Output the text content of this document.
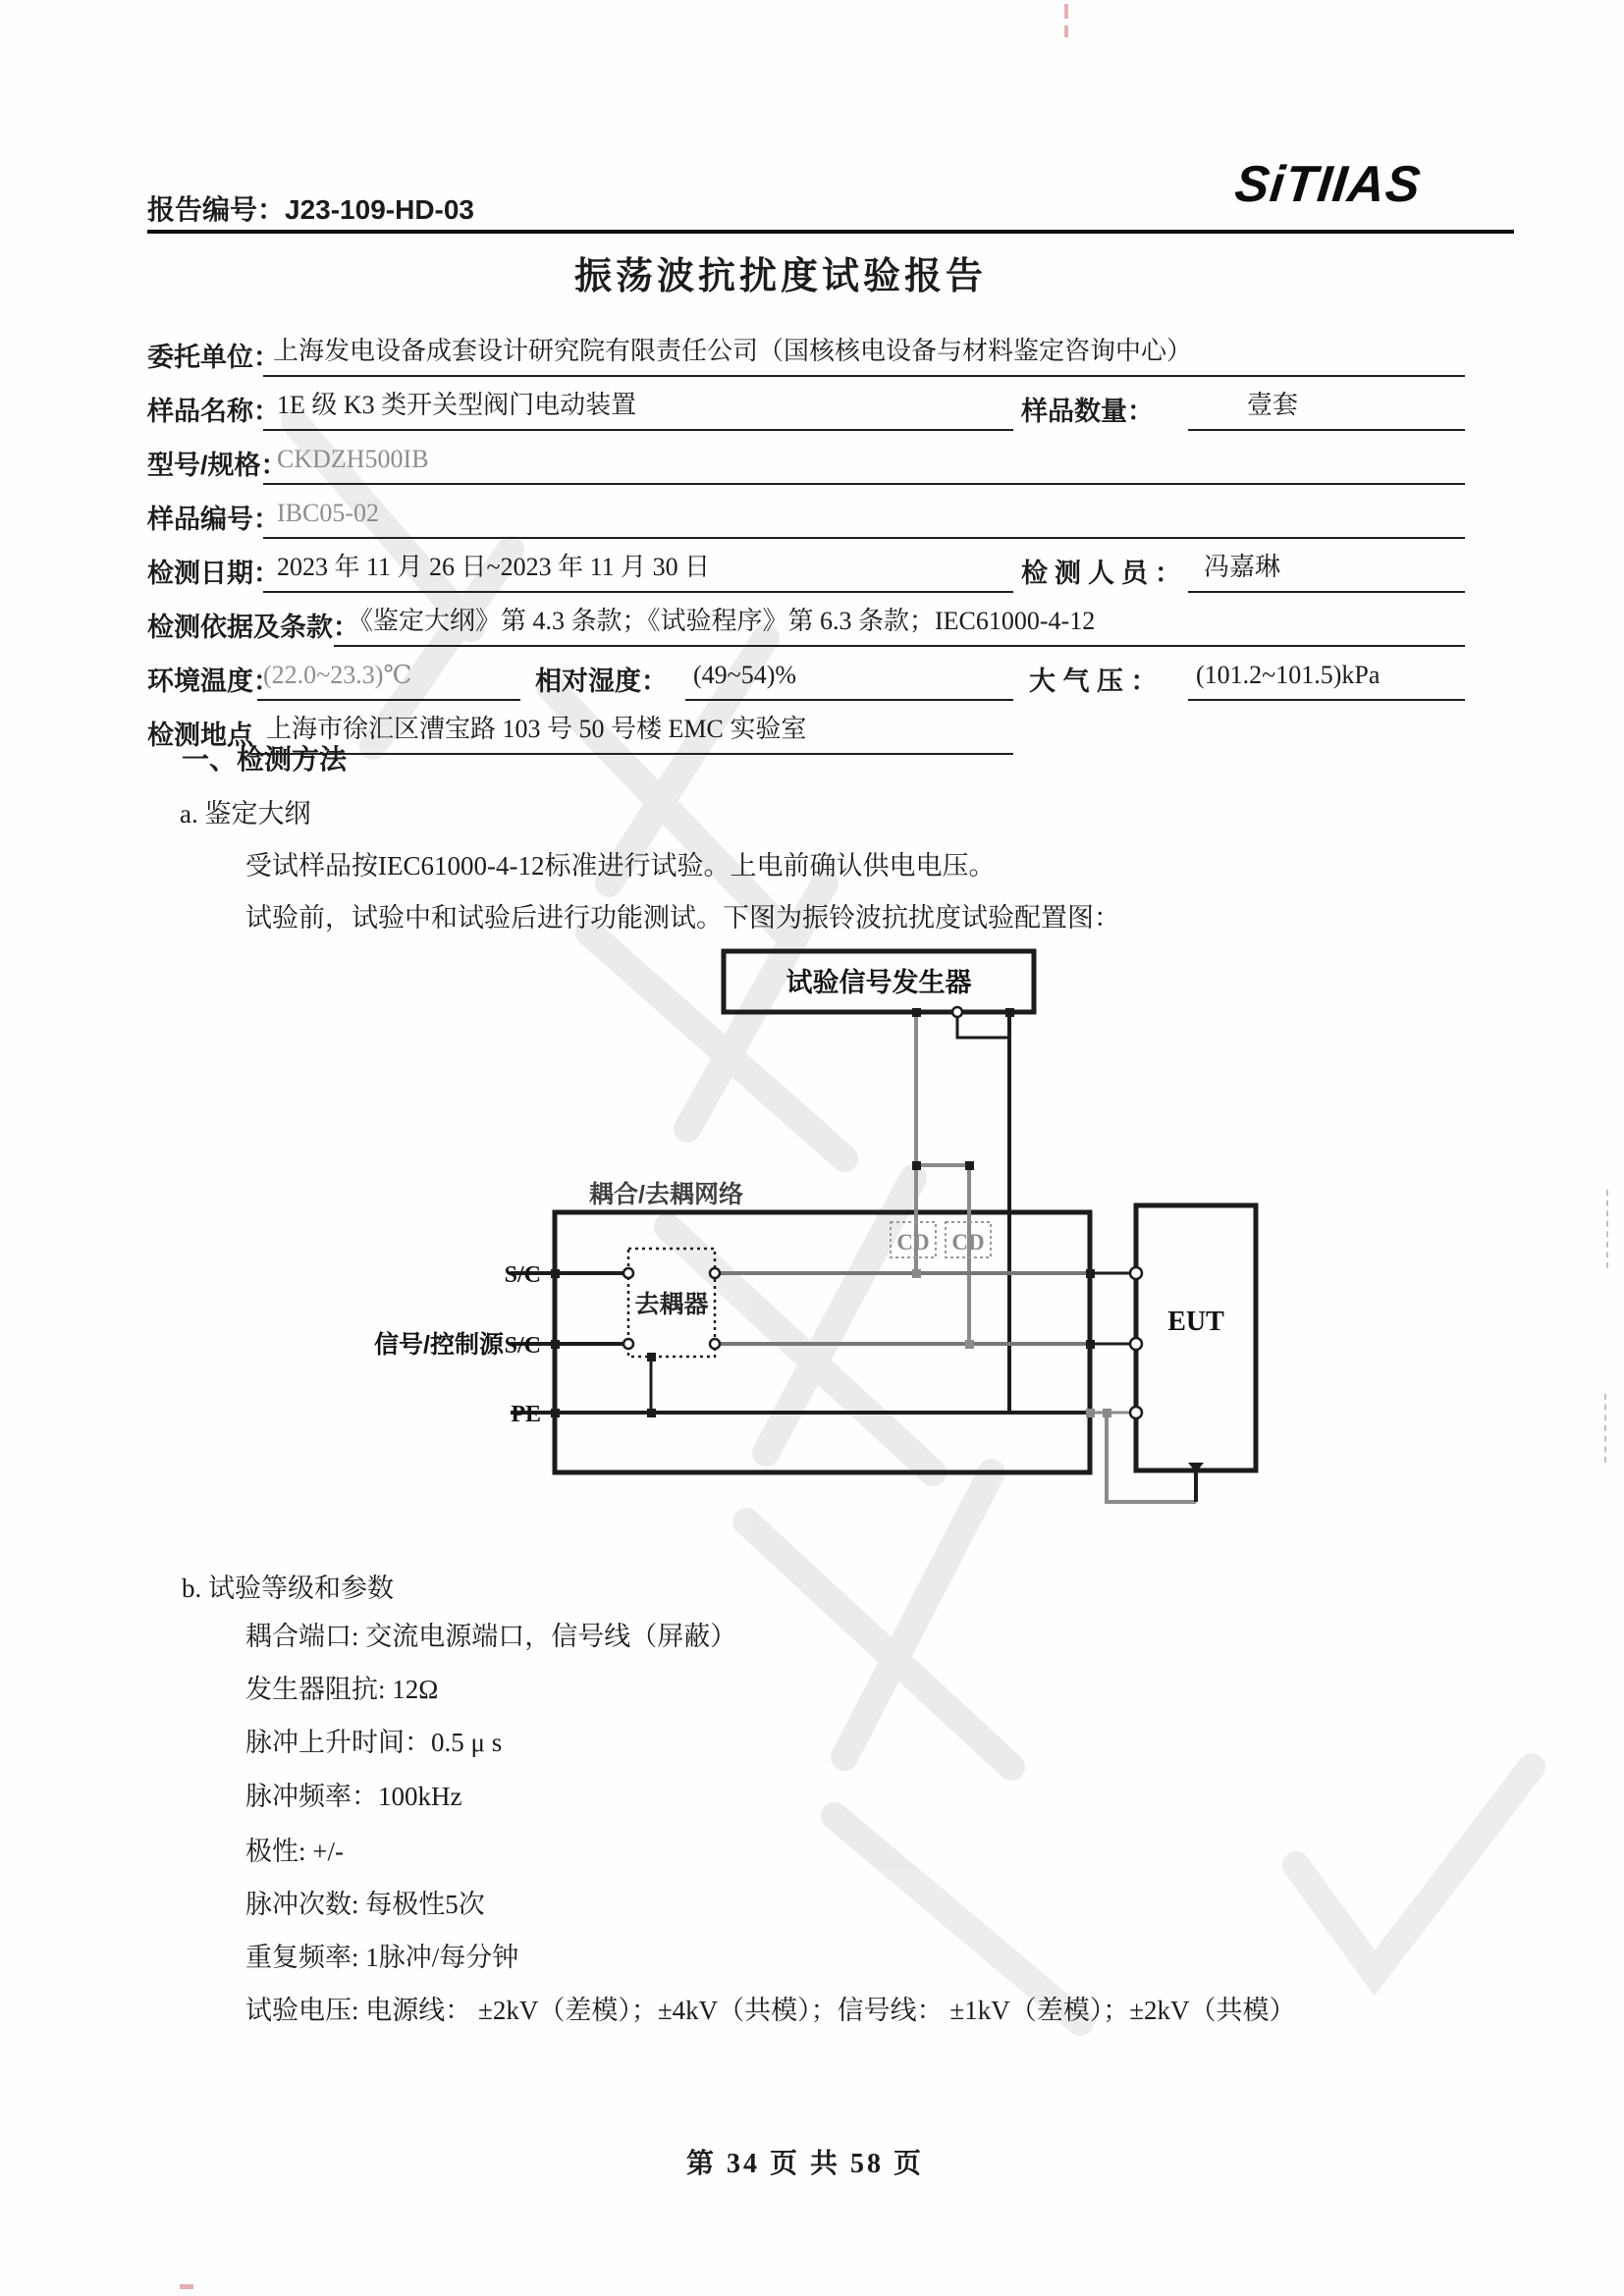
报告编号：J23-109-HD-03	SiTIIAS
振荡波抗扰度试验报告
委托单位：
上海发电设备成套设计研究院有限责任公司（国核核电设备与材料鉴定咨询中心）
样品名称：
1E 级 K3 类开关型阀门电动装置	样品数量：	壹套
型号/规格：
CKDZH500IB
样品编号：
IBC05-02
检测日期：
2023 年 11 月 26 日~2023 年 11 月 30 日	检测人员： 冯嘉琳
检测依据及条款：
《鉴定大纲》第 4.3 条款；《试验程序》第 6.3 条款；IEC61000-4-12
环境温度：
(22.0~23.3)℃	相对湿度：	(49~54)%	大 气 压 ：	(101.2~101.5)kPa
检测地点 上海市徐汇区漕宝路 103 号 50 号楼 EMC 实验室
一、检测方法
a. 鉴定大纲
受试样品按IEC61000-4-12标准进行试验。上电前确认供电电压。
试验前，试验中和试验后进行功能测试。下图为振铃波抗扰度试验配置图：
试验信号发生器
耦合/去耦网络
去耦器
CD CD
S/C
S/C
PE
信号/控制源
EUT
b. 试验等级和参数
耦合端口: 交流电源端口，信号线（屏蔽）
发生器阻抗: 12Ω
脉冲上升时间：0.5 μ s
脉冲频率：100kHz
极性: +/-
脉冲次数: 每极性5次
重复频率: 1脉冲/每分钟
试验电压: 电源线： ±2kV（差模）；±4kV（共模）；信号线： ±1kV（差模）；±2kV（共模）
第 34 页 共 58 页
